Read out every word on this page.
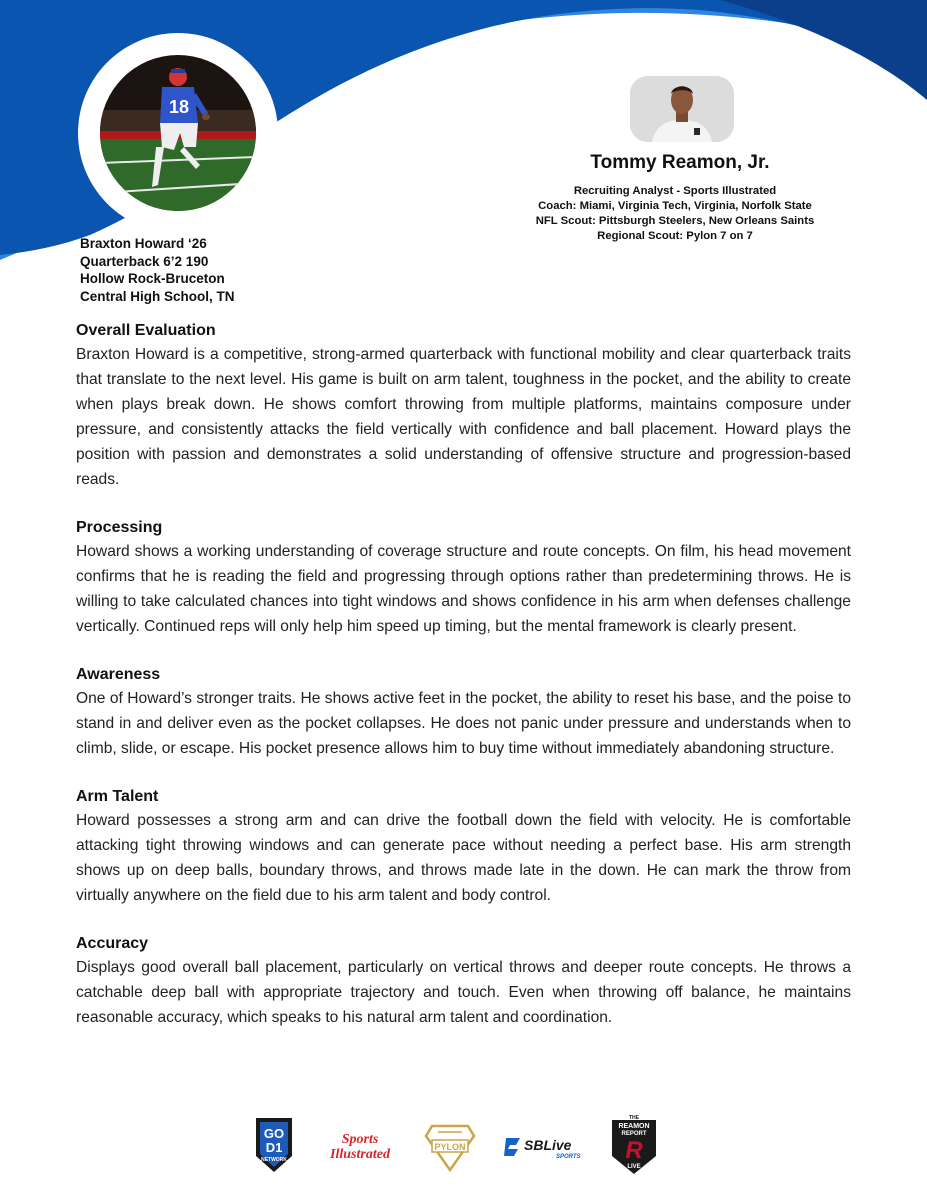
18
Braxton Howard ‘26
Quarterback 6’2 190
Hollow Rock-Bruceton
Central High School, TN
Tommy Reamon, Jr.
Recruiting Analyst - Sports Illustrated
Coach: Miami, Virginia Tech, Virginia, Norfolk State
NFL Scout: Pittsburgh Steelers, New Orleans Saints
Regional Scout: Pylon 7 on 7
Overall Evaluation

Braxton Howard is a competitive, strong-armed quarterback with functional mobility and clear quarterback traits that translate to the next level. His game is built on arm talent, toughness in the pocket, and the ability to create when plays break down. He shows comfort throwing from multiple platforms, maintains composure under pressure, and consistently attacks the field vertically with confidence and ball placement. Howard plays the position with passion and demonstrates a solid understanding of offensive structure and progression-based reads.

Processing

Howard shows a working understanding of coverage structure and route concepts. On film, his head movement confirms that he is reading the field and progressing through options rather than predetermining throws. He is willing to take calculated chances into tight windows and shows confidence in his arm when defenses challenge vertically. Continued reps will only help him speed up timing, but the mental framework is clearly present.

Awareness

One of Howard’s stronger traits. He shows active feet in the pocket, the ability to reset his base, and the poise to stand in and deliver even as the pocket collapses. He does not panic under pressure and understands when to climb, slide, or escape. His pocket presence allows him to buy time without immediately abandoning structure.

Arm Talent

Howard possesses a strong arm and can drive the football down the field with velocity. He is comfortable attacking tight throwing windows and can generate pace without needing a perfect base. His arm strength shows up on deep balls, boundary throws, and throws made late in the down. He can mark the throw from virtually anywhere on the field due to his arm talent and body control.

Accuracy

Displays good overall ball placement, particularly on vertical throws and deeper route concepts. He throws a catchable deep ball with appropriate trajectory and touch. Even when throwing off balance, he maintains reasonable accuracy, which speaks to his natural arm talent and coordination.

GO
D1
NETWORK
Sports
Illustrated	PYLON	SBLive
SPORTS
THE
REAMON
REPORT
R
LIVE
